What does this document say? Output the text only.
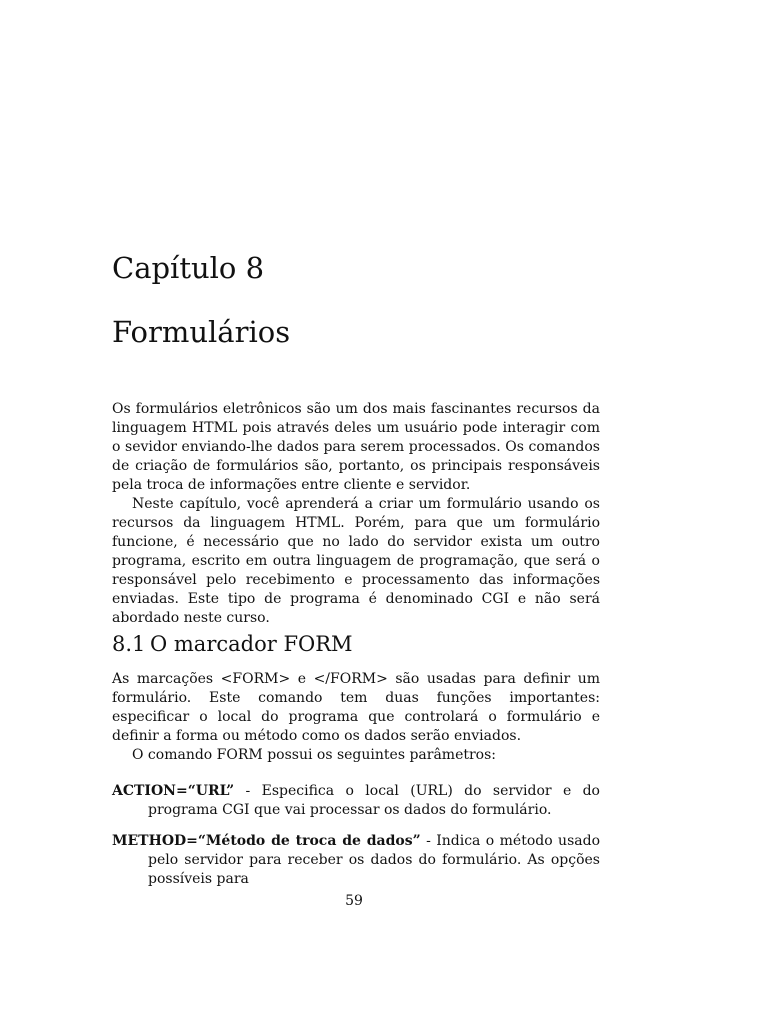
Capítulo 8
Formulários

Os formulários eletrônicos são um dos mais fascinantes recursos da linguagem HTML pois através deles um usuário pode interagir com o sevidor enviando-lhe dados para serem processados. Os comandos de criação de formulários são, portanto, os principais responsáveis pela troca de informações entre cliente e servidor.

Neste capítulo, você aprenderá a criar um formulário usando os recursos da linguagem HTML. Porém, para que um formulário funcione, é necessário que no lado do servidor exista um outro programa, escrito em outra linguagem de programação, que será o responsável pelo recebimento e processamento das informações enviadas. Este tipo de programa é denominado CGI e não será abordado neste curso.

8.1 O marcador FORM

As marcações <FORM> e </FORM> são usadas para definir um formulário. Este comando tem duas funções importantes: especificar o local do programa que controlará o formulário e definir a forma ou método como os dados serão enviados.

O comando FORM possui os seguintes parâmetros:

ACTION=“URL” - Especifica o local (URL) do servidor e do programa CGI que vai processar os dados do formulário.

METHOD=“Método de troca de dados” - Indica o método usado pelo servidor para receber os dados do formulário. As opções possíveis para

59
